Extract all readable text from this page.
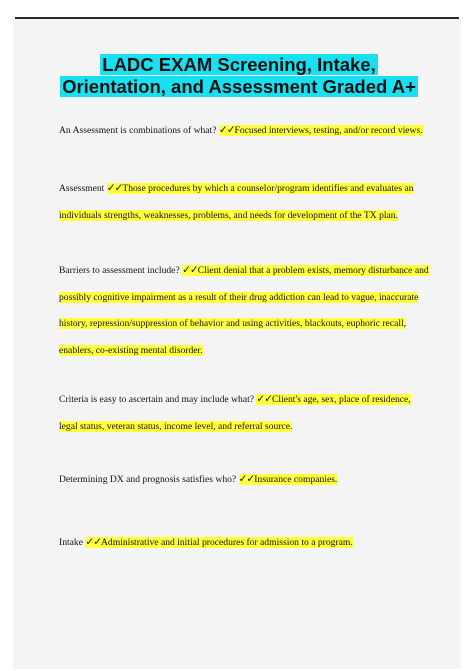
LADC EXAM Screening, Intake,
Orientation, and Assessment Graded A+
An Assessment is combinations of what? ✓✓Focused interviews, testing, and/or record views.
Assessment ✓✓Those procedures by which a counselor/program identifies and evaluates an individuals strengths, weaknesses, problems, and needs for development of the TX plan.
Barriers to assessment include? ✓✓Client denial that a problem exists, memory disturbance and possibly cognitive impairment as a result of their drug addiction can lead to vague, inaccurate history, repression/suppression of behavior and using activities, blackouts, euphoric recall, enablers, co-existing mental disorder.
Criteria is easy to ascertain and may include what? ✓✓Client's age, sex, place of residence, legal status, veteran status, income level, and referral source.
Determining DX and prognosis satisfies who? ✓✓Insurance companies.
Intake ✓✓Administrative and initial procedures for admission to a program.
